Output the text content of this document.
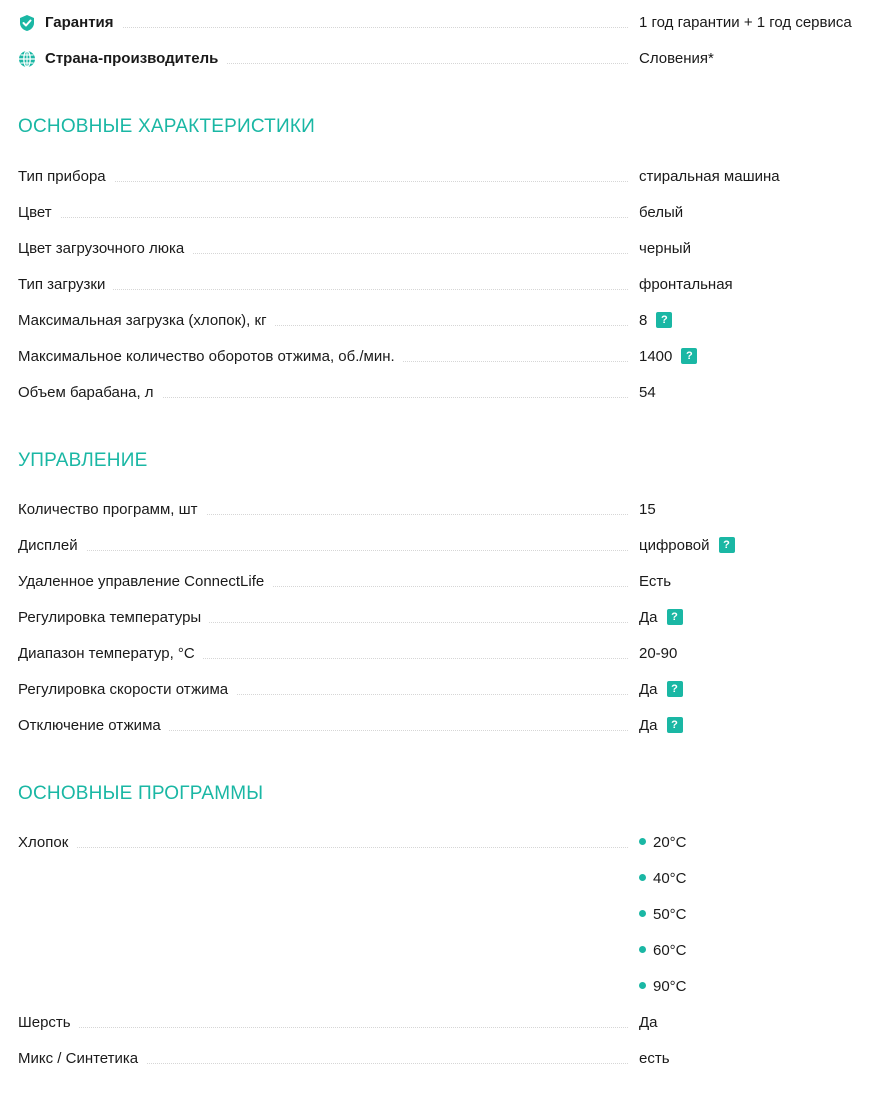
Гарантия	1 год гарантии + 1 год сервиса
Страна-производитель	Словения*
ОСНОВНЫЕ ХАРАКТЕРИСТИКИ
Тип прибора	стиральная машина
Цвет	белый
Цвет загрузочного люка	черный
Тип загрузки	фронтальная
Максимальная загрузка (хлопок), кг	8 ?
Максимальное количество оборотов отжима, об./мин.	1400 ?
Объем барабана, л	54
УПРАВЛЕНИЕ
Количество программ, шт	15
Дисплей	цифровой ?
Удаленное управление ConnectLife	Есть
Регулировка температуры	Да ?
Диапазон температур, °C	20-90
Регулировка скорости отжима	Да ?
Отключение отжима	Да ?
ОСНОВНЫЕ ПРОГРАММЫ
Хлопок	20°C
40°C
50°C
60°C
90°C
Шерсть	Да
Микс / Синтетика	есть
